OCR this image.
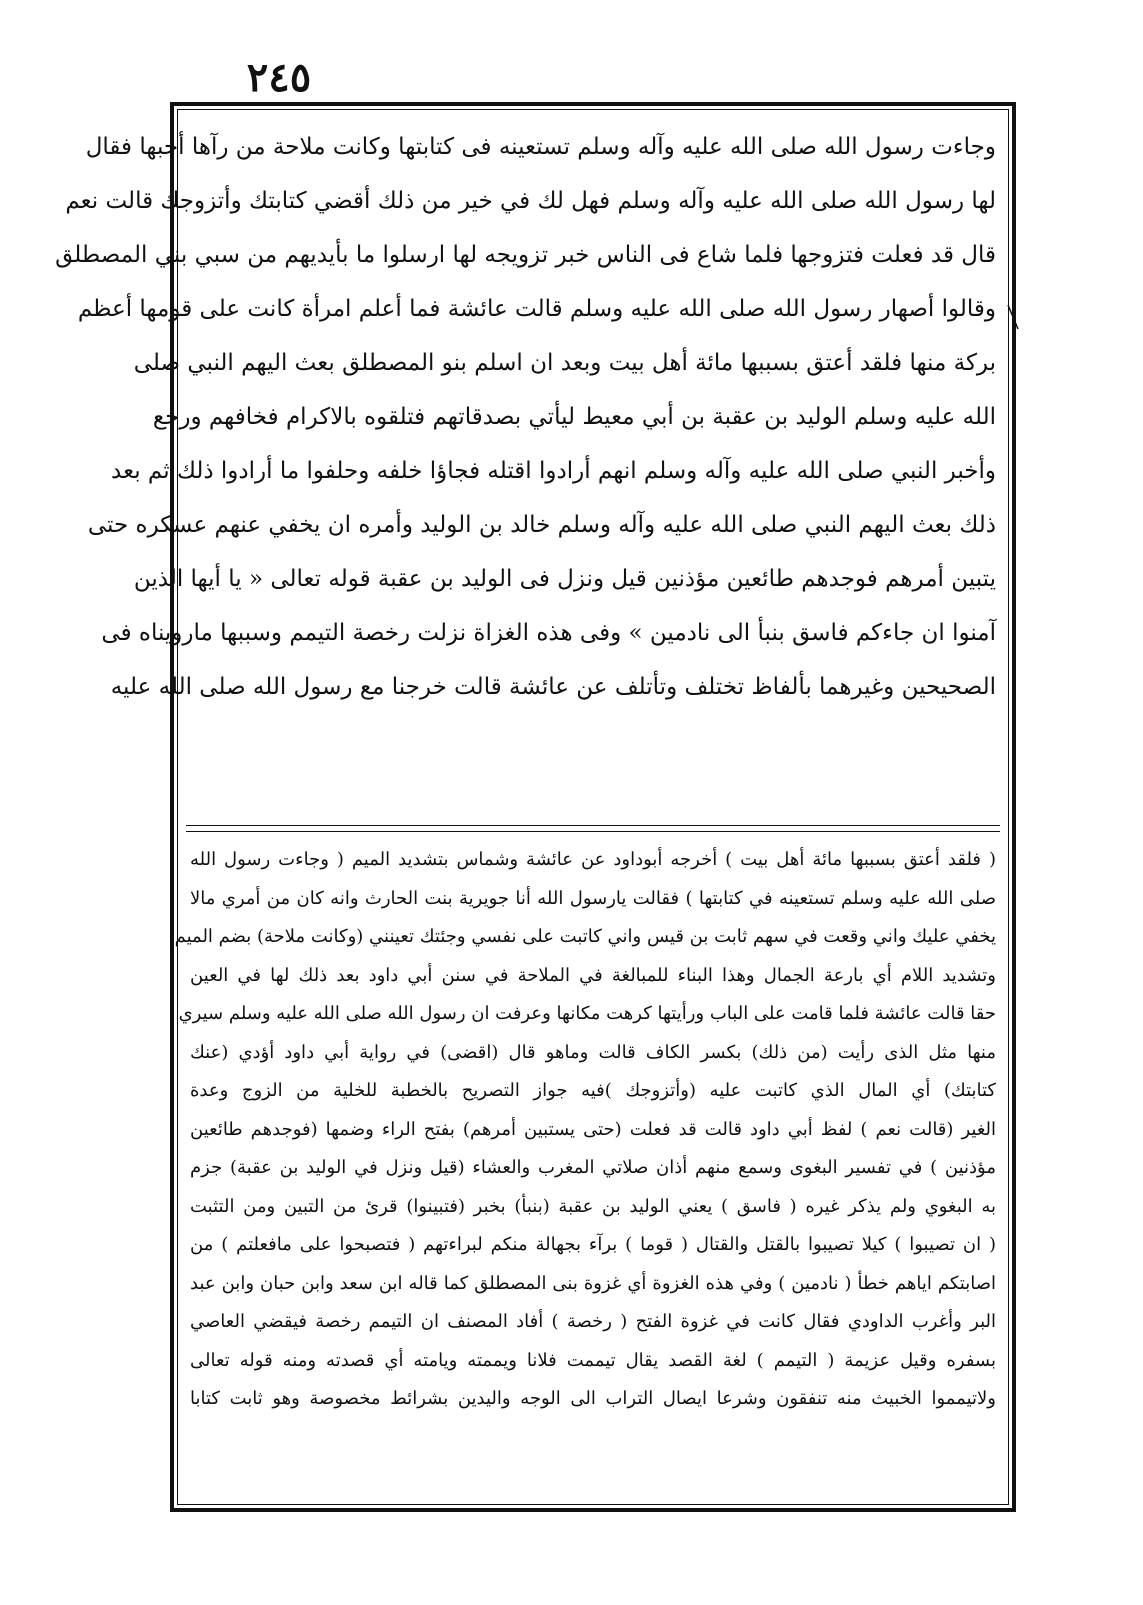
٢٤٥
وجاءت رسول الله صلى الله عليه وآله وسلم تستعينه فى كتابتها وكانت ملاحة من رآها أحبها فقال
لها رسول الله صلى الله عليه وآله وسلم فهل لك في خير من ذلك أقضي كتابتك وأتزوجك قالت نعم
قال قد فعلت فتزوجها فلما شاع فى الناس خبر تزويجه لها ارسلوا ما بأيديهم من سبي بني المصطلق
وقالوا أصهار رسول الله صلى الله عليه وسلم قالت عائشة فما أعلم امرأة كانت على قومها أعظم
بركة منها فلقد أعتق بسببها مائة أهل بيت وبعد ان اسلم بنو المصطلق بعث اليهم النبي صلى
الله عليه وسلم الوليد بن عقبة بن أبي معيط ليأتي بصدقاتهم فتلقوه بالاكرام فخافهم ورجع
وأخبر النبي صلى الله عليه وآله وسلم انهم أرادوا اقتله فجاؤا خلفه وحلفوا ما أرادوا ذلك ثم بعد
ذلك بعث اليهم النبي صلى الله عليه وآله وسلم خالد بن الوليد وأمره ان يخفي عنهم عسكره حتى
يتبين أمرهم فوجدهم طائعين مؤذنين قيل ونزل فى الوليد بن عقبة قوله تعالى « يا أيها الذين
آمنوا ان جاءكم فاسق بنبأ الى نادمين » وفى هذه الغزاة نزلت رخصة التيمم وسببها مارويناه فى
الصحيحين وغيرهما بألفاظ تختلف وتأتلف عن عائشة قالت خرجنا مع رسول الله صلى الله عليه
( فلقد أعتق بسببها مائة أهل بيت ) أخرجه أبوداود عن عائشة وشماس بتشديد الميم ( وجاءت رسول الله
صلى الله عليه وسلم تستعينه في كتابتها ) فقالت يارسول الله أنا جويرية بنت الحارث وانه كان من أمري مالا
يخفي عليك واني وقعت في سهم ثابت بن قيس واني كاتبت على نفسي وجئتك تعينني (وكانت ملاحة) بضم الميم
وتشديد اللام أي بارعة الجمال وهذا البناء للمبالغة في الملاحة في سنن أبي داود بعد ذلك لها في العين
حقا قالت عائشة فلما قامت على الباب ورأيتها كرهت مكانها وعرفت ان رسول الله صلى الله عليه وسلم سيري
منها مثل الذى رأيت (من ذلك) بكسر الكاف قالت وماهو قال (اقضى) في رواية أبي داود أؤدي (عنك
كتابتك) أي المال الذي كاتبت عليه (وأتزوجك )فيه جواز التصريح بالخطبة للخلية من الزوج وعدة
الغير (قالت نعم ) لفظ أبي داود قالت قد فعلت (حتى يستبين أمرهم) بفتح الراء وضمها (فوجدهم طائعين
مؤذنين ) في تفسير البغوى وسمع منهم أذان صلاتي المغرب والعشاء (قيل ونزل في الوليد بن عقبة) جزم
به البغوي ولم يذكر غيره ( فاسق ) يعني الوليد بن عقبة (بنبأ) بخبر (فتبينوا) قرئ من التبين ومن التثبت
( ان تصيبوا ) كيلا تصيبوا بالقتل والقتال ( قوما ) برآء بجهالة منكم لبراءتهم ( فتصبحوا على مافعلتم ) من
اصابتكم اياهم خطأ ( نادمين ) وفي هذه الغزوة أي غزوة بنى المصطلق كما قاله ابن سعد وابن حبان وابن عبد
البر وأغرب الداودي فقال كانت في غزوة الفتح ( رخصة ) أفاد المصنف ان التيمم رخصة فيقضي العاصي
بسفره وقيل عزيمة ( التيمم ) لغة القصد يقال تيممت فلانا ويممته ويامته أي قصدته ومنه قوله تعالى
ولاتيمموا الخبيث منه تنفقون وشرعا ايصال التراب الى الوجه واليدين بشرائط مخصوصة وهو ثابت كتابا
